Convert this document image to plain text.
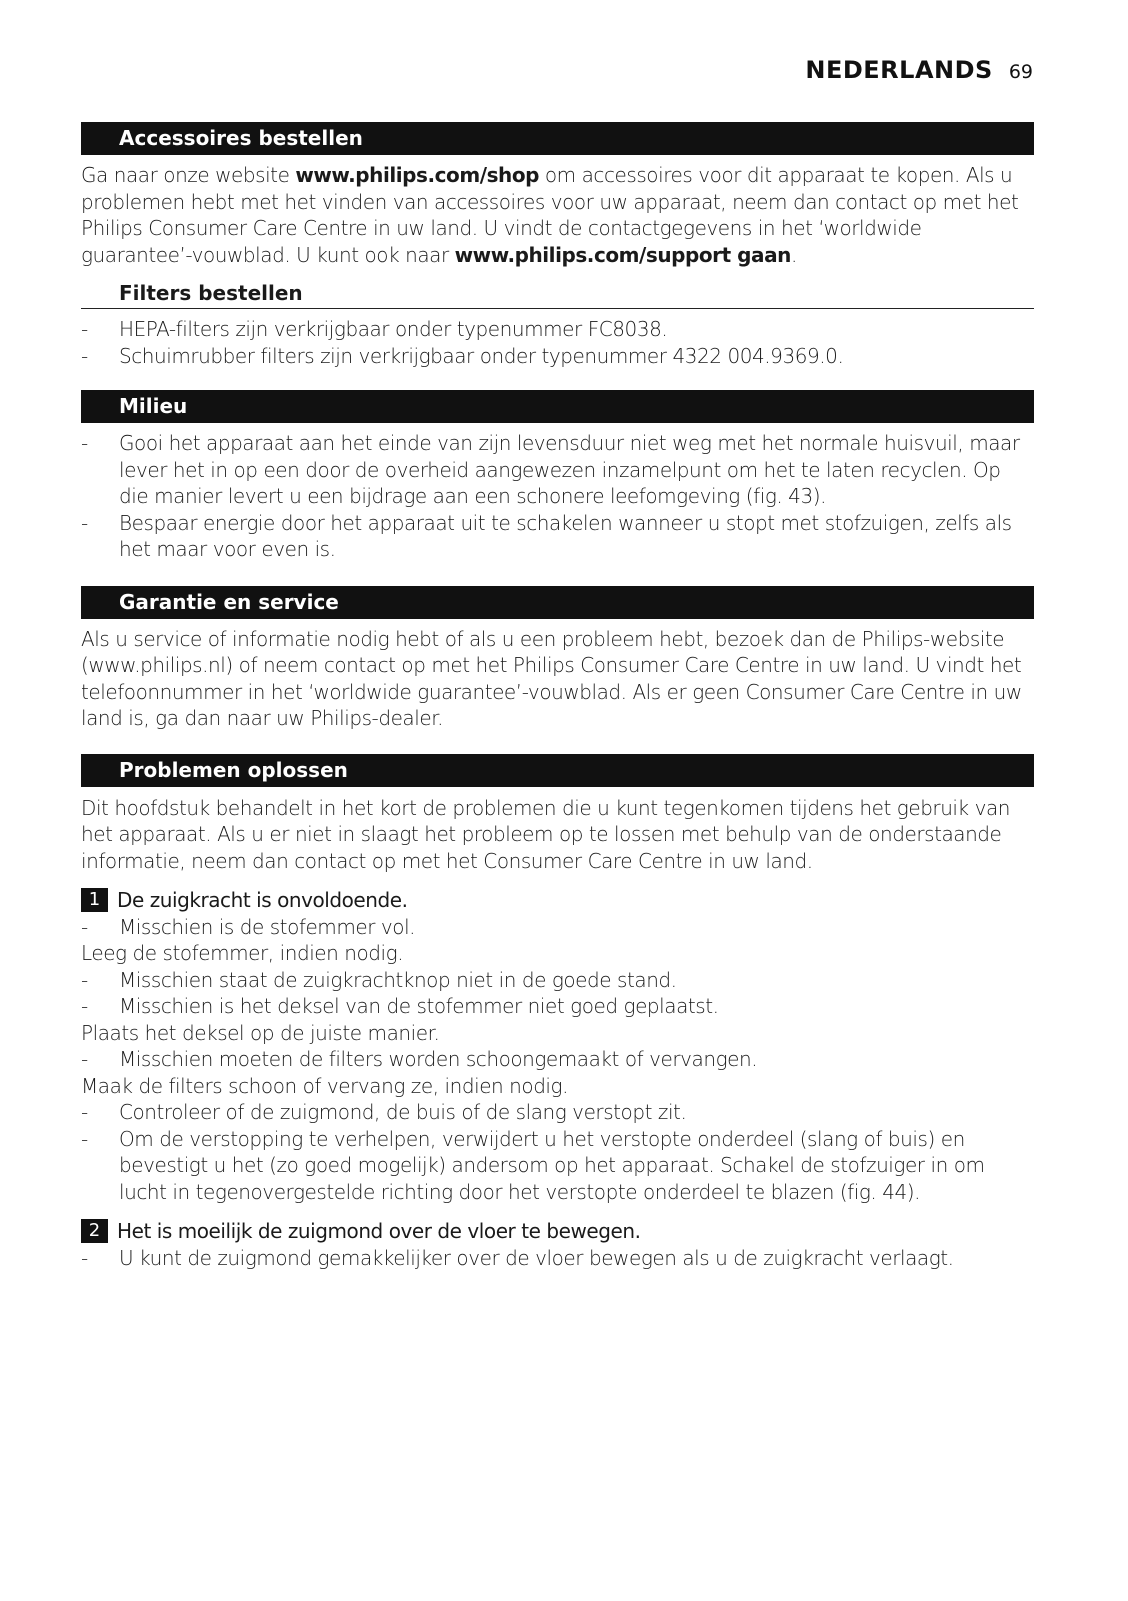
NEDERLANDS 69
Accessoires bestellen

Ga naar onze website www.philips.com/shop om accessoires voor dit apparaat te kopen. Als u problemen hebt met het vinden van accessoires voor uw apparaat, neem dan contact op met het Philips Consumer Care Centre in uw land. U vindt de contactgegevens in het ‘worldwide guarantee’-vouwblad. U kunt ook naar www.philips.com/support gaan.

Filters bestellen
-	HEPA-filters zijn verkrijgbaar onder typenummer FC8038.
-	Schuimrubber filters zijn verkrijgbaar onder typenummer 4322 004.9369.0.
Milieu
-	Gooi het apparaat aan het einde van zijn levensduur niet weg met het normale huisvuil, maar lever het in op een door de overheid aangewezen inzamelpunt om het te laten recyclen. Op die manier levert u een bijdrage aan een schonere leefomgeving (fig. 43).
-	Bespaar energie door het apparaat uit te schakelen wanneer u stopt met stofzuigen, zelfs als het maar voor even is.
Garantie en service

Als u service of informatie nodig hebt of als u een probleem hebt, bezoek dan de Philips-website (www.philips.nl) of neem contact op met het Philips Consumer Care Centre in uw land. U vindt het telefoonnummer in het ‘worldwide guarantee’-vouwblad. Als er geen Consumer Care Centre in uw land is, ga dan naar uw Philips-dealer.

Problemen oplossen

Dit hoofdstuk behandelt in het kort de problemen die u kunt tegenkomen tijdens het gebruik van het apparaat. Als u er niet in slaagt het probleem op te lossen met behulp van de onderstaande informatie, neem dan contact op met het Consumer Care Centre in uw land.

1 De zuigkracht is onvoldoende.
-	Misschien is de stofemmer vol.

Leeg de stofemmer, indien nodig.

-	Misschien staat de zuigkrachtknop niet in de goede stand.
-	Misschien is het deksel van de stofemmer niet goed geplaatst.

Plaats het deksel op de juiste manier.

-	Misschien moeten de filters worden schoongemaakt of vervangen.

Maak de filters schoon of vervang ze, indien nodig.

-	Controleer of de zuigmond, de buis of de slang verstopt zit.
-	Om de verstopping te verhelpen, verwijdert u het verstopte onderdeel (slang of buis) en bevestigt u het (zo goed mogelijk) andersom op het apparaat. Schakel de stofzuiger in om lucht in tegenovergestelde richting door het verstopte onderdeel te blazen (fig. 44).
2 Het is moeilijk de zuigmond over de vloer te bewegen.
-	U kunt de zuigmond gemakkelijker over de vloer bewegen als u de zuigkracht verlaagt.
